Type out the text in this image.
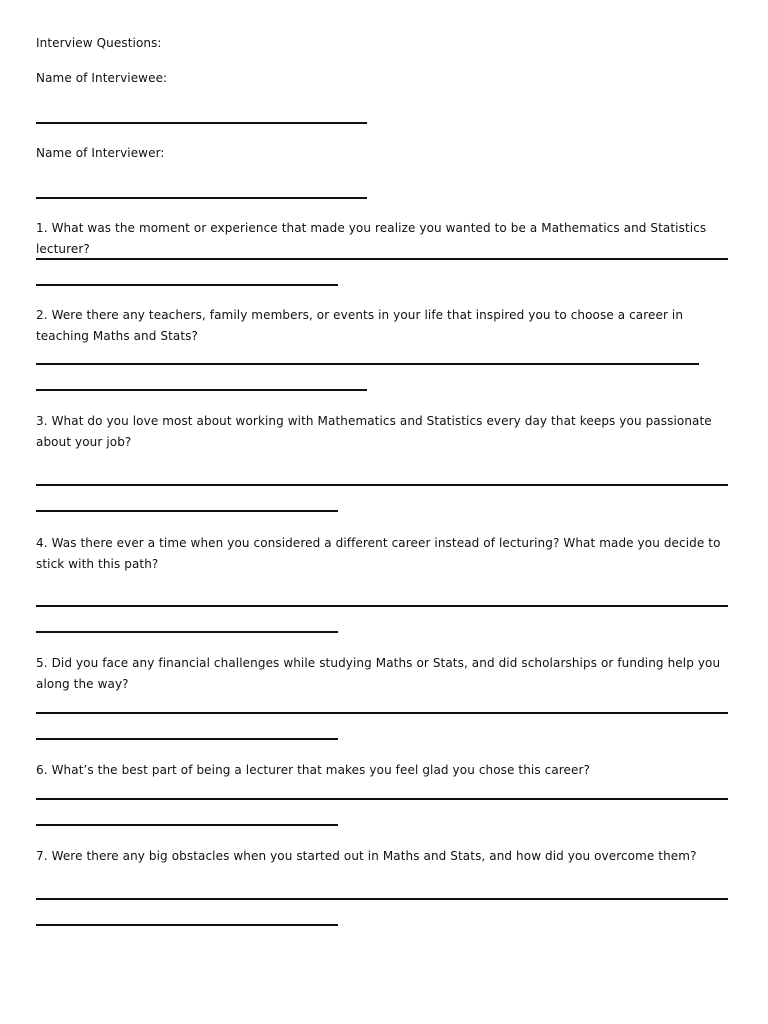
Interview Questions:

Name of Interviewee:

Name of Interviewer:

1. What was the moment or experience that made you realize you wanted to be a Mathematics and Statistics lecturer?

2. Were there any teachers, family members, or events in your life that inspired you to choose a career in teaching Maths and Stats?

3. What do you love most about working with Mathematics and Statistics every day that keeps you passionate about your job?

4. Was there ever a time when you considered a different career instead of lecturing? What made you decide to stick with this path?

5. Did you face any financial challenges while studying Maths or Stats, and did scholarships or funding help you along the way?

6. What’s the best part of being a lecturer that makes you feel glad you chose this career?

7. Were there any big obstacles when you started out in Maths and Stats, and how did you overcome them?
